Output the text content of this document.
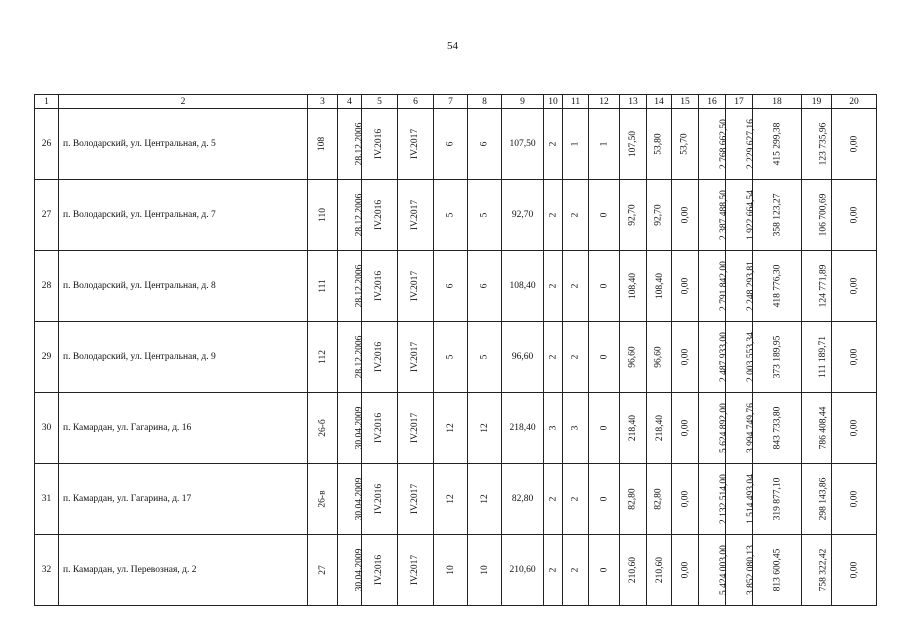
54
1	2	3	4	5	6	7	8	9	10	11	12	13	14	15	16	17	18	19	20
26	п. Володарский, ул. Центральная, д. 5	108	28.12.2006	IV.2016	IV.2017	6	6	107,50	2	1	1	107,50	53,80	53,70	2 768 662,50	2 229 627,16	415 299,38	123 735,96	0,00
27	п. Володарский, ул. Центральная, д. 7	110	28.12.2006	IV.2016	IV.2017	5	5	92,70	2	2	0	92,70	92,70	0,00	2 387 488,50	1 922 664,54	358 123,27	106 700,69	0,00
28	п. Володарский, ул. Центральная, д. 8	111	28.12.2006	IV.2016	IV.2017	6	6	108,40	2	2	0	108,40	108,40	0,00	2 791 842,00	2 248 293,81	418 776,30	124 771,89	0,00
29	п. Володарский, ул. Центральная, д. 9	112	28.12.2006	IV.2016	IV.2017	5	5	96,60	2	2	0	96,60	96,60	0,00	2 487 933,00	2 003 553,34	373 189,95	111 189,71	0,00
30	п. Камардан, ул. Гагарина, д. 16	26-б	30.04.2009	IV.2016	IV.2017	12	12	218,40	3	3	0	218,40	218,40	0,00	5 624 892,00	3 994 749,76	843 733,80	786 408,44	0,00
31	п. Камардан, ул. Гагарина, д. 17	26-в	30.04.2009	IV.2016	IV.2017	12	12	82,80	2	2	0	82,80	82,80	0,00	2 132 514,00	1 514 493,04	319 877,10	298 143,86	0,00
32	п. Камардан, ул. Перевозная, д. 2	27	30.04.2009	IV.2016	IV.2017	10	10	210,60	2	2	0	210,60	210,60	0,00	5 424 003,00	3 852 080,13	813 600,45	758 322,42	0,00
